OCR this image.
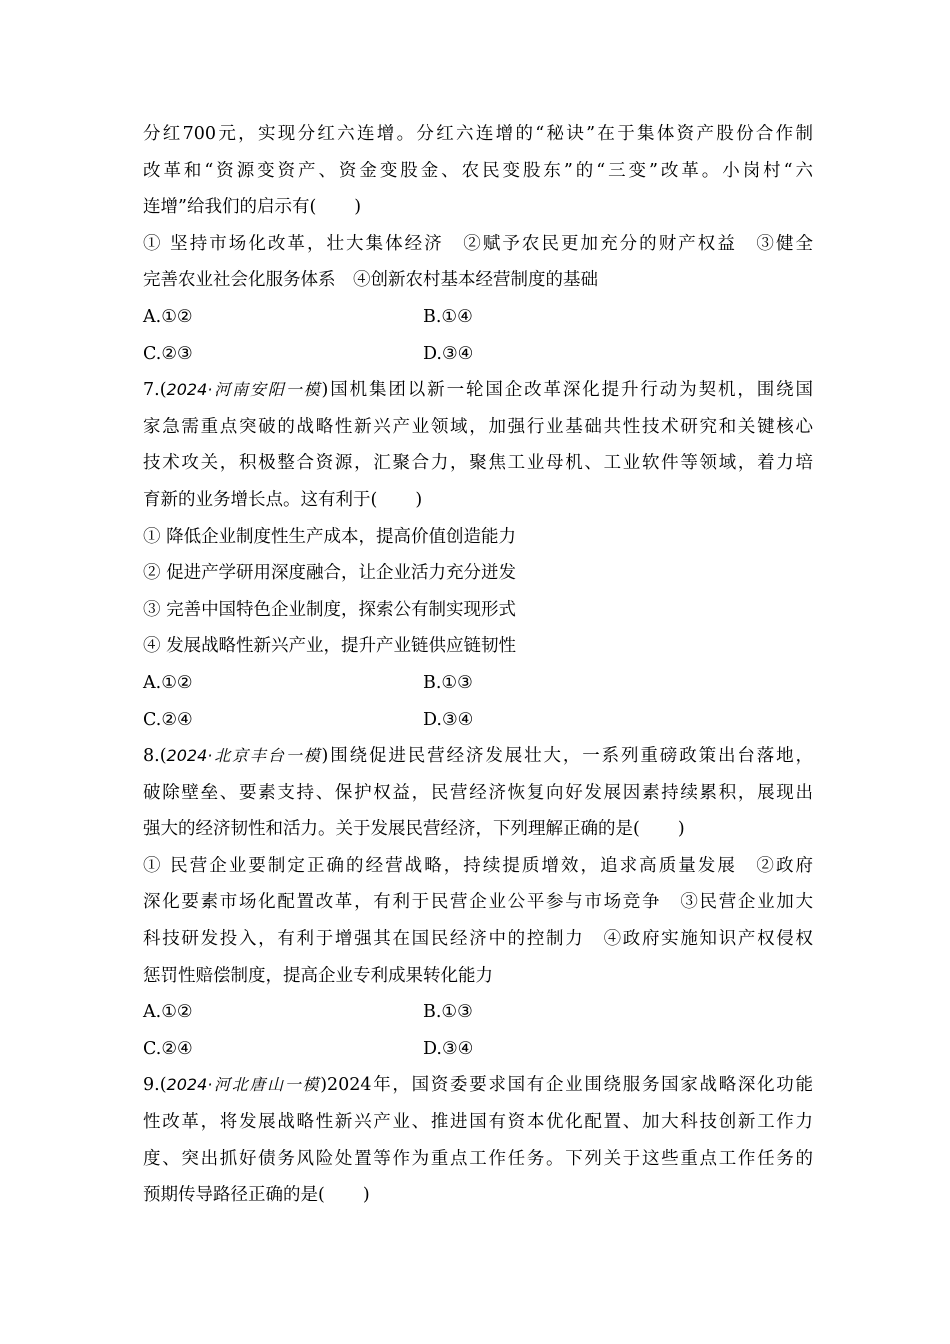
分红700元，实现分红六连增。分红六连增的“秘诀”在于集体资产股份合作制
改革和“资源变资产、资金变股金、农民变股东”的“三变”改革。小岗村“六
连增”给我们的启示有( )
① 坚持市场化改革，壮大集体经济　②赋予农民更加充分的财产权益　③健全
完善农业社会化服务体系　④创新农村基本经营制度的基础
A.①②	B.①④
C.②③	D.③④
7.(2024·河南安阳一模)国机集团以新一轮国企改革深化提升行动为契机，围绕国
家急需重点突破的战略性新兴产业领域，加强行业基础共性技术研究和关键核心
技术攻关，积极整合资源，汇聚合力，聚焦工业母机、工业软件等领域，着力培
育新的业务增长点。这有利于( )
① 降低企业制度性生产成本，提高价值创造能力
② 促进产学研用深度融合，让企业活力充分迸发
③ 完善中国特色企业制度，探索公有制实现形式
④ 发展战略性新兴产业，提升产业链供应链韧性
A.①②	B.①③
C.②④	D.③④
8.(2024·北京丰台一模)围绕促进民营经济发展壮大，一系列重磅政策出台落地，
破除壁垒、要素支持、保护权益，民营经济恢复向好发展因素持续累积，展现出
强大的经济韧性和活力。关于发展民营经济，下列理解正确的是( )
① 民营企业要制定正确的经营战略，持续提质增效，追求高质量发展　②政府
深化要素市场化配置改革，有利于民营企业公平参与市场竞争　③民营企业加大
科技研发投入，有利于增强其在国民经济中的控制力　④政府实施知识产权侵权
惩罚性赔偿制度，提高企业专利成果转化能力
A.①②	B.①③
C.②④	D.③④
9.(2024·河北唐山一模)2024年，国资委要求国有企业围绕服务国家战略深化功能
性改革，将发展战略性新兴产业、推进国有资本优化配置、加大科技创新工作力
度、突出抓好债务风险处置等作为重点工作任务。下列关于这些重点工作任务的
预期传导路径正确的是( )
